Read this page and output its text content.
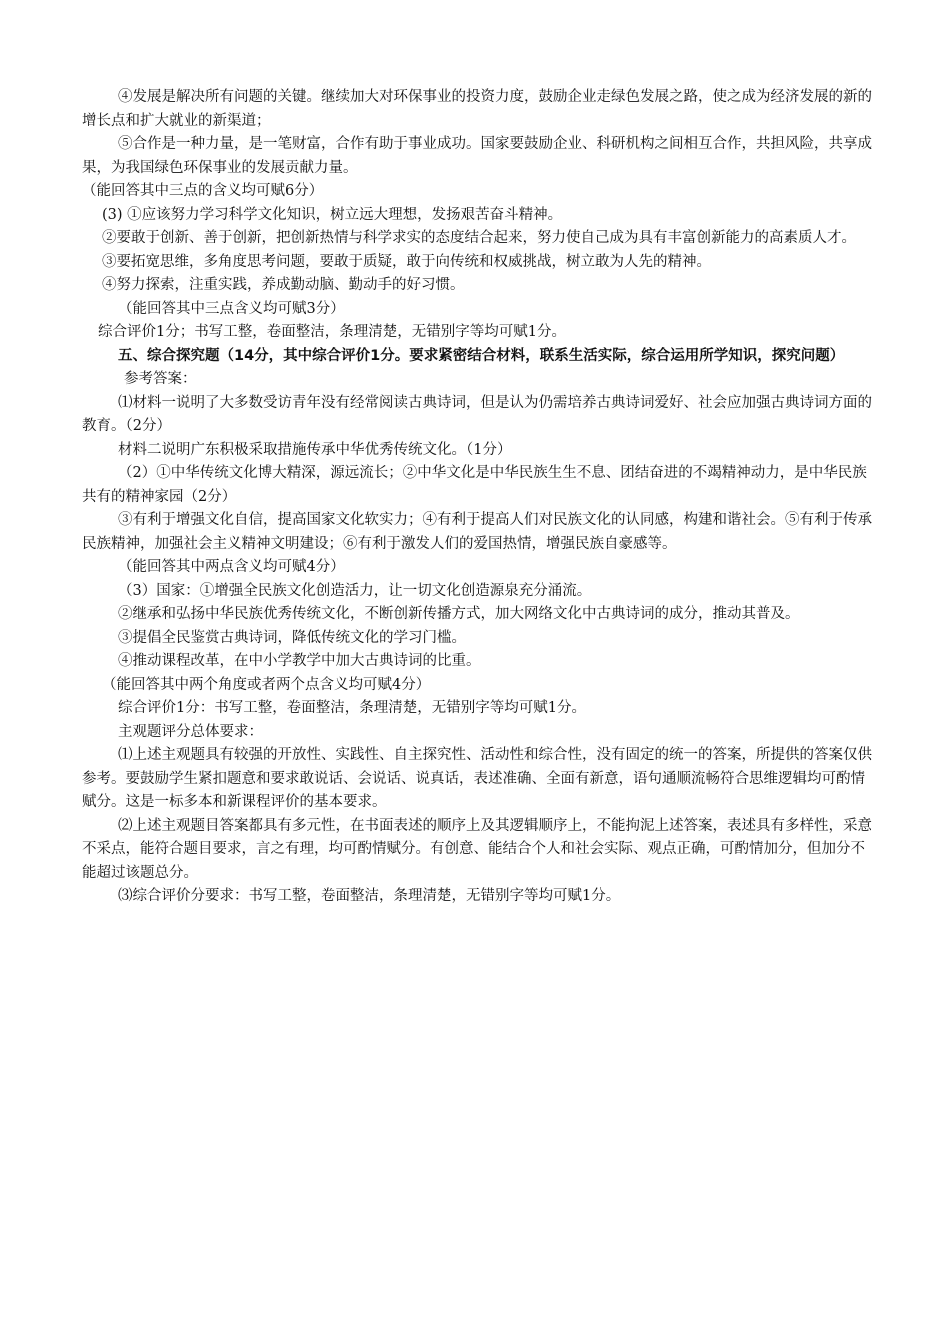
④发展是解决所有问题的关键。继续加大对环保事业的投资力度，鼓励企业走绿色发展之路，使之成为经济发展的新的增长点和扩大就业的新渠道；

⑤合作是一种力量，是一笔财富，合作有助于事业成功。国家要鼓励企业、科研机构之间相互合作，共担风险，共享成果，为我国绿色环保事业的发展贡献力量。

（能回答其中三点的含义均可赋6分）

(3) ①应该努力学习科学文化知识，树立远大理想，发扬艰苦奋斗精神。

②要敢于创新、善于创新，把创新热情与科学求实的态度结合起来，努力使自己成为具有丰富创新能力的高素质人才。

③要拓宽思维，多角度思考问题，要敢于质疑，敢于向传统和权威挑战，树立敢为人先的精神。

④努力探索，注重实践，养成勤动脑、勤动手的好习惯。

（能回答其中三点含义均可赋3分）

综合评价1分；书写工整，卷面整洁，条理清楚，无错别字等均可赋1分。

五、综合探究题（14分，其中综合评价1分。要求紧密结合材料，联系生活实际，综合运用所学知识，探究问题）

参考答案：

⑴材料一说明了大多数受访青年没有经常阅读古典诗词，但是认为仍需培养古典诗词爱好、社会应加强古典诗词方面的教育。（2分）

材料二说明广东积极采取措施传承中华优秀传统文化。（1分）

（2）①中华传统文化博大精深，源远流长；②中华文化是中华民族生生不息、团结奋进的不竭精神动力，是中华民族共有的精神家园（2分）

③有利于增强文化自信，提高国家文化软实力；④有利于提高人们对民族文化的认同感，构建和谐社会。⑤有利于传承民族精神，加强社会主义精神文明建设；⑥有利于激发人们的爱国热情，增强民族自豪感等。

（能回答其中两点含义均可赋4分）

（3）国家：①增强全民族文化创造活力，让一切文化创造源泉充分涌流。

②继承和弘扬中华民族优秀传统文化，不断创新传播方式，加大网络文化中古典诗词的成分，推动其普及。

③提倡全民鉴赏古典诗词，降低传统文化的学习门槛。

④推动课程改革，在中小学教学中加大古典诗词的比重。

（能回答其中两个角度或者两个点含义均可赋4分）

综合评价1分：书写工整，卷面整洁，条理清楚，无错别字等均可赋1分。

主观题评分总体要求：

⑴上述主观题具有较强的开放性、实践性、自主探究性、活动性和综合性，没有固定的统一的答案，所提供的答案仅供参考。要鼓励学生紧扣题意和要求敢说话、会说话、说真话，表述准确、全面有新意，语句通顺流畅符合思维逻辑均可酌情赋分。这是一标多本和新课程评价的基本要求。

⑵上述主观题目答案都具有多元性，在书面表述的顺序上及其逻辑顺序上，不能拘泥上述答案，表述具有多样性，采意不采点，能符合题目要求，言之有理，均可酌情赋分。有创意、能结合个人和社会实际、观点正确，可酌情加分，但加分不能超过该题总分。

⑶综合评价分要求：书写工整，卷面整洁，条理清楚，无错别字等均可赋1分。
